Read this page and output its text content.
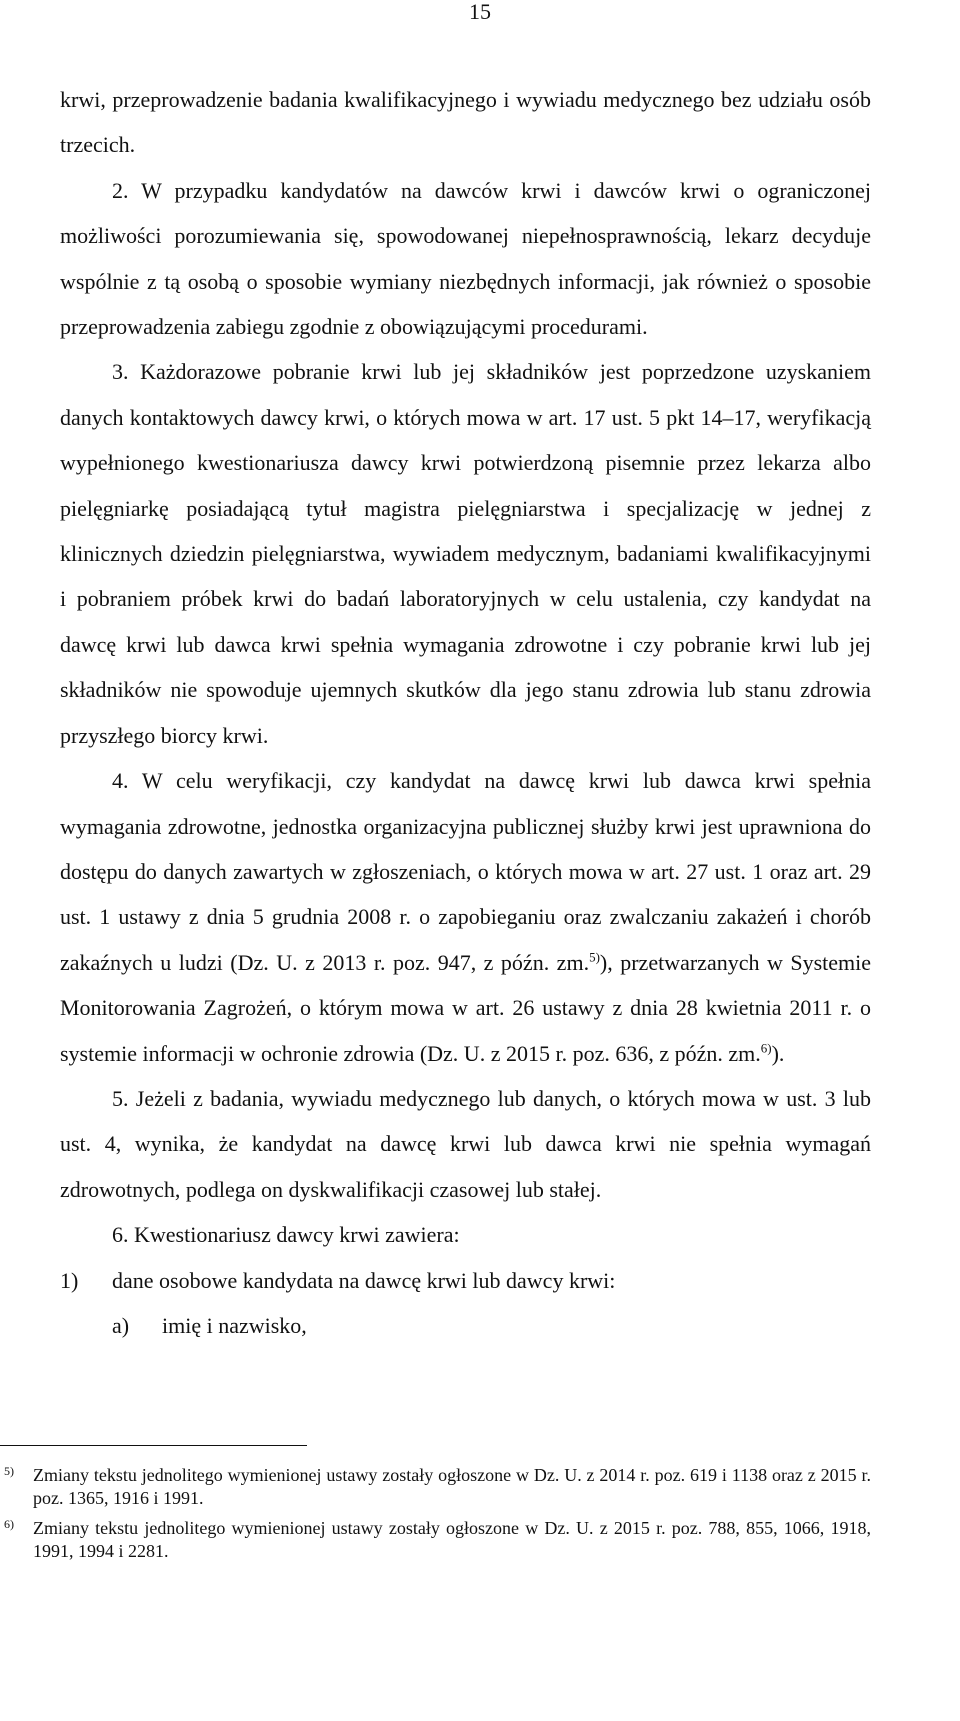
15

krwi, przeprowadzenie badania kwalifikacyjnego i wywiadu medycznego bez udziału osób trzecich.

2. W przypadku kandydatów na dawców krwi i dawców krwi o ograniczonej możliwości porozumiewania się, spowodowanej niepełnosprawnością, lekarz decyduje wspólnie z tą osobą o sposobie wymiany niezbędnych informacji, jak również o sposobie przeprowadzenia zabiegu zgodnie z obowiązującymi procedurami.

3. Każdorazowe pobranie krwi lub jej składników jest poprzedzone uzyskaniem danych kontaktowych dawcy krwi, o których mowa w art. 17 ust. 5 pkt 14–17, weryfikacją wypełnionego kwestionariusza dawcy krwi potwierdzoną pisemnie przez lekarza albo pielęgniarkę posiadającą tytuł magistra pielęgniarstwa i specjalizację w jednej z klinicznych dziedzin pielęgniarstwa, wywiadem medycznym, badaniami kwalifikacyjnymi i pobraniem próbek krwi do badań laboratoryjnych w celu ustalenia, czy kandydat na dawcę krwi lub dawca krwi spełnia wymagania zdrowotne i czy pobranie krwi lub jej składników nie spowoduje ujemnych skutków dla jego stanu zdrowia lub stanu zdrowia przyszłego biorcy krwi.

4. W celu weryfikacji, czy kandydat na dawcę krwi lub dawca krwi spełnia wymagania zdrowotne, jednostka organizacyjna publicznej służby krwi jest uprawniona do dostępu do danych zawartych w zgłoszeniach, o których mowa w art. 27 ust. 1 oraz art. 29 ust. 1 ustawy z dnia 5 grudnia 2008 r. o zapobieganiu oraz zwalczaniu zakażeń i chorób zakaźnych u ludzi (Dz. U. z 2013 r. poz. 947, z późn. zm.$^{5)}$), przetwarzanych w Systemie Monitorowania Zagrożeń, o którym mowa w art. 26 ustawy z dnia 28 kwietnia 2011 r. o systemie informacji w ochronie zdrowia (Dz. U. z 2015 r. poz. 636, z późn. zm.$^{6)}$).

5. Jeżeli z badania, wywiadu medycznego lub danych, o których mowa w ust. 3 lub ust. 4, wynika, że kandydat na dawcę krwi lub dawca krwi nie spełnia wymagań zdrowotnych, podlega on dyskwalifikacji czasowej lub stałej.

6. Kwestionariusz dawcy krwi zawiera:

1)	dane osobowe kandydata na dawcę krwi lub dawcy krwi:
a)	imię i nazwisko,
5) Zmiany tekstu jednolitego wymienionej ustawy zostały ogłoszone w Dz. U. z 2014 r. poz. 619 i 1138 oraz z 2015 r. poz. 1365, 1916 i 1991.
6) Zmiany tekstu jednolitego wymienionej ustawy zostały ogłoszone w Dz. U. z 2015 r. poz. 788, 855, 1066, 1918, 1991, 1994 i 2281.
